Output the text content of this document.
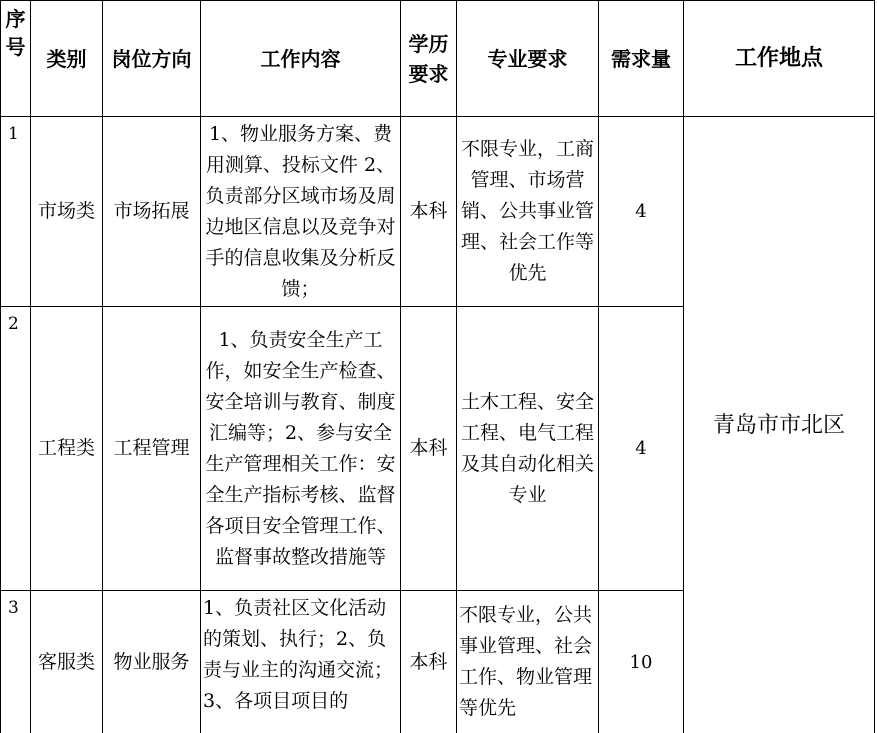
序号	类别	岗位方向	工作内容	学历要求	专业要求	需求量	工作地点
1	市场类	市场拓展	1、物业服务方案、费用测算、投标文件 2、负责部分区域市场及周边地区信息以及竞争对手的信息收集及分析反馈；	本科	不限专业，工商管理、市场营销、公共事业管理、社会工作等优先	4	青岛市市北区
2	工程类	工程管理	1、负责安全生产工作，如安全生产检查、安全培训与教育、制度汇编等；2、参与安全生产管理相关工作：安全生产指标考核、监督各项目安全管理工作、监督事故整改措施等	本科	土木工程、安全工程、电气工程及其自动化相关专业	4	
3	客服类	物业服务	1、负责社区文化活动的策划、执行；2、负责与业主的沟通交流；3、各项目项目的	本科	不限专业，公共事业管理、社会工作、物业管理等优先	10	
